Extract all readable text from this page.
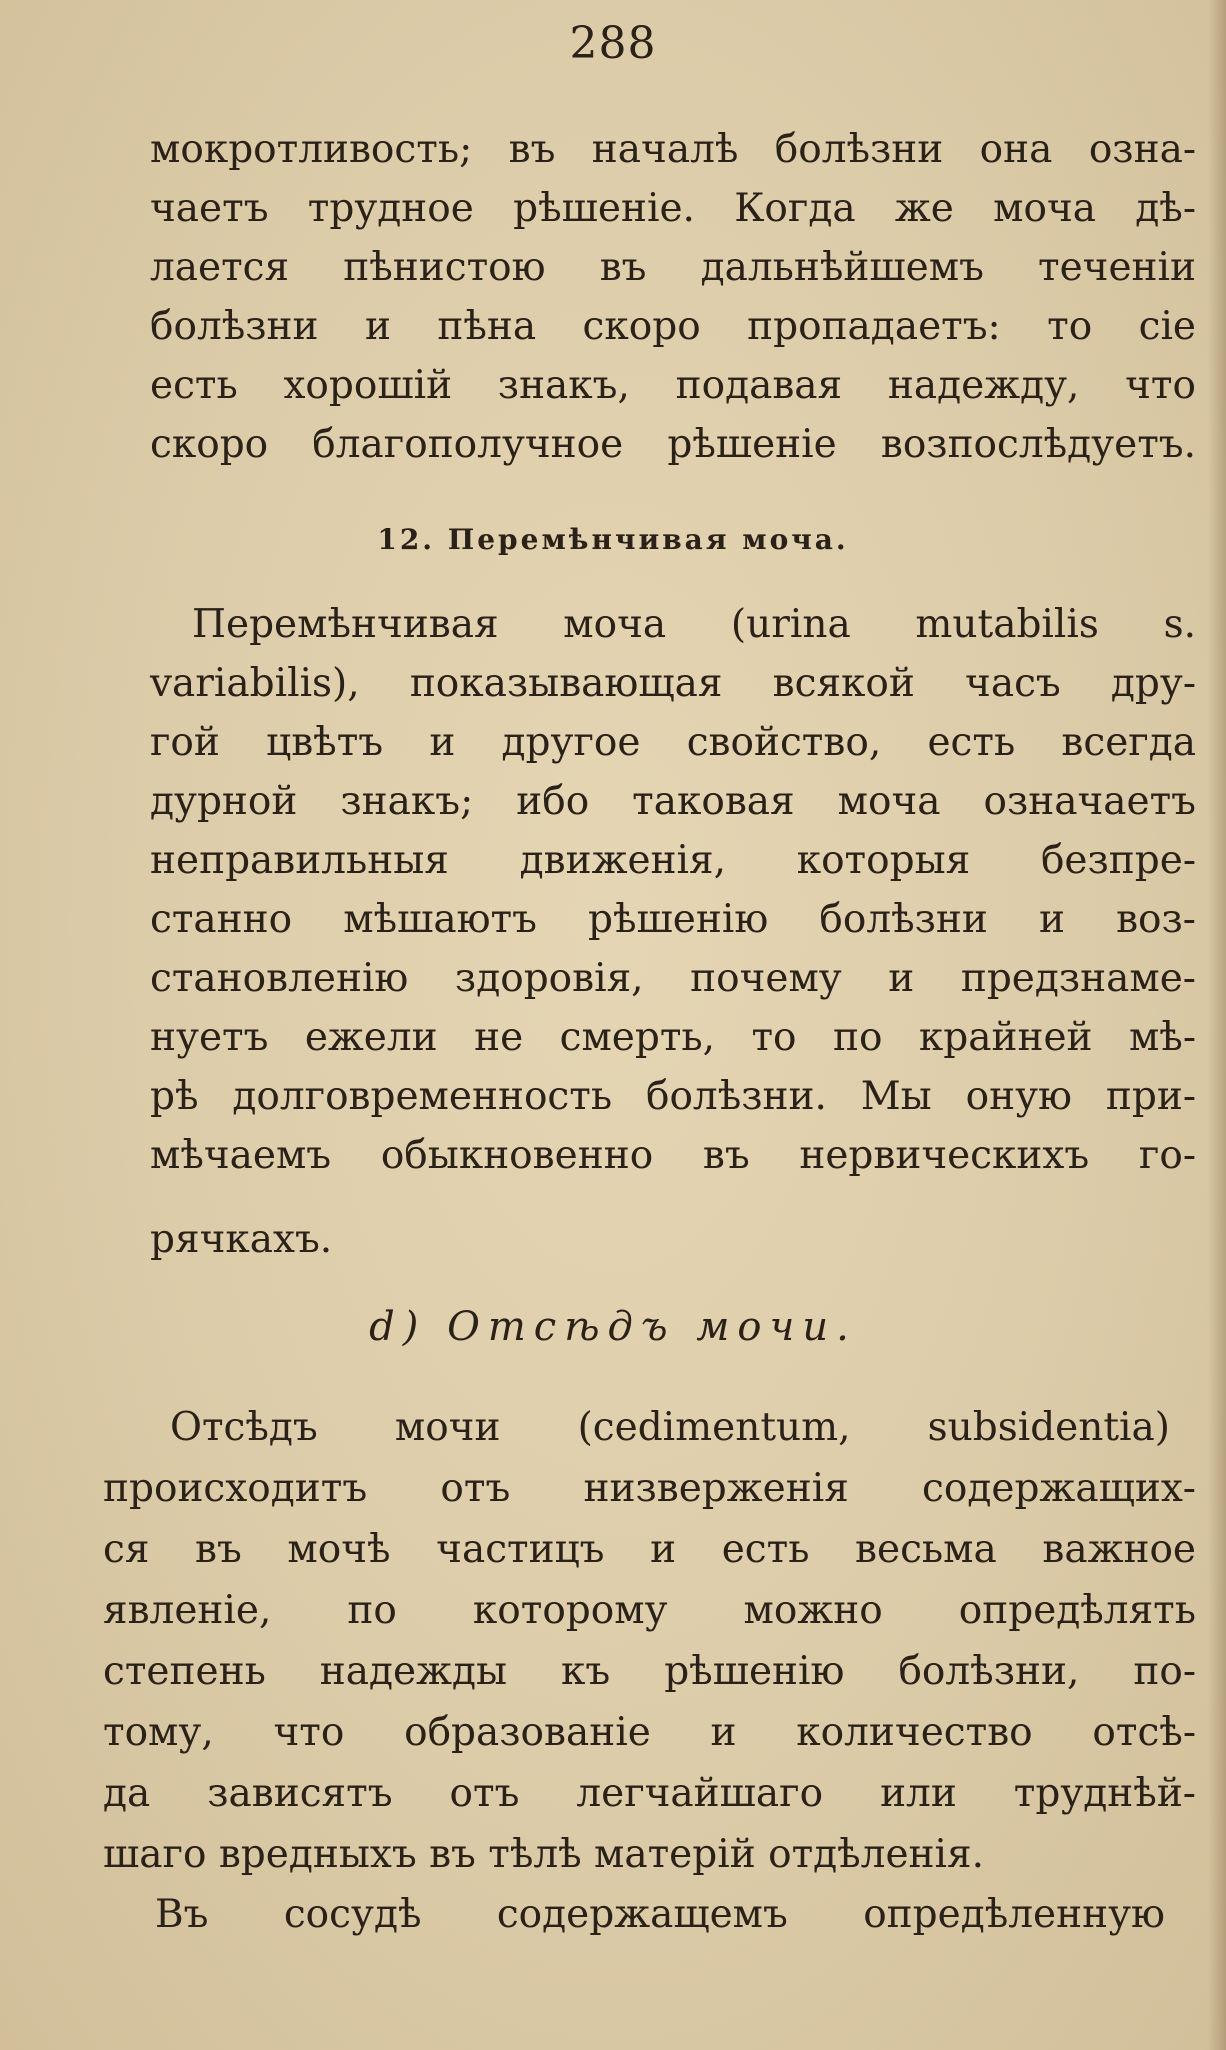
288
мокротливость; въ началѣ болѣзни она озна-
чаетъ трудное рѣшеніе. Когда же моча дѣ-
лается пѣнистою въ дальнѣйшемъ теченіи
болѣзни и пѣна скоро пропадаетъ: то сіе
есть хорошій знакъ, подавая надежду, что
скоро благополучное рѣшеніе возпослѣдуетъ.
12. Перемѣнчивая моча.
Перемѣнчивая моча (urina mutabilis s.
variabilis), показывающая всякой часъ дру-
гой цвѣтъ и другое свойство, есть всегда
дурной знакъ; ибо таковая моча означаетъ
неправильныя движенія, которыя безпре-
станно мѣшаютъ рѣшенію болѣзни и воз-
становленію здоровія, почему и предзнаме-
нуетъ ежели не смерть, то по крайней мѣ-
рѣ долговременность болѣзни. Мы оную при-
мѣчаемъ обыкновенно въ нервическихъ го-
рячкахъ.
d) Отсѣдъ мочи.
Отсѣдъ мочи (cedimentum, subsidentia)
происходитъ отъ низверженія содержащих-
ся въ мочѣ частицъ и есть весьма важное
явленіе, по которому можно опредѣлять
степень надежды къ рѣшенію болѣзни, по-
тому, что образованіе и количество отсѣ-
да зависятъ отъ легчайшаго или труднѣй-
шаго вредныхъ въ тѣлѣ матерій отдѣленія.
Въ сосудѣ содержащемъ опредѣленную
